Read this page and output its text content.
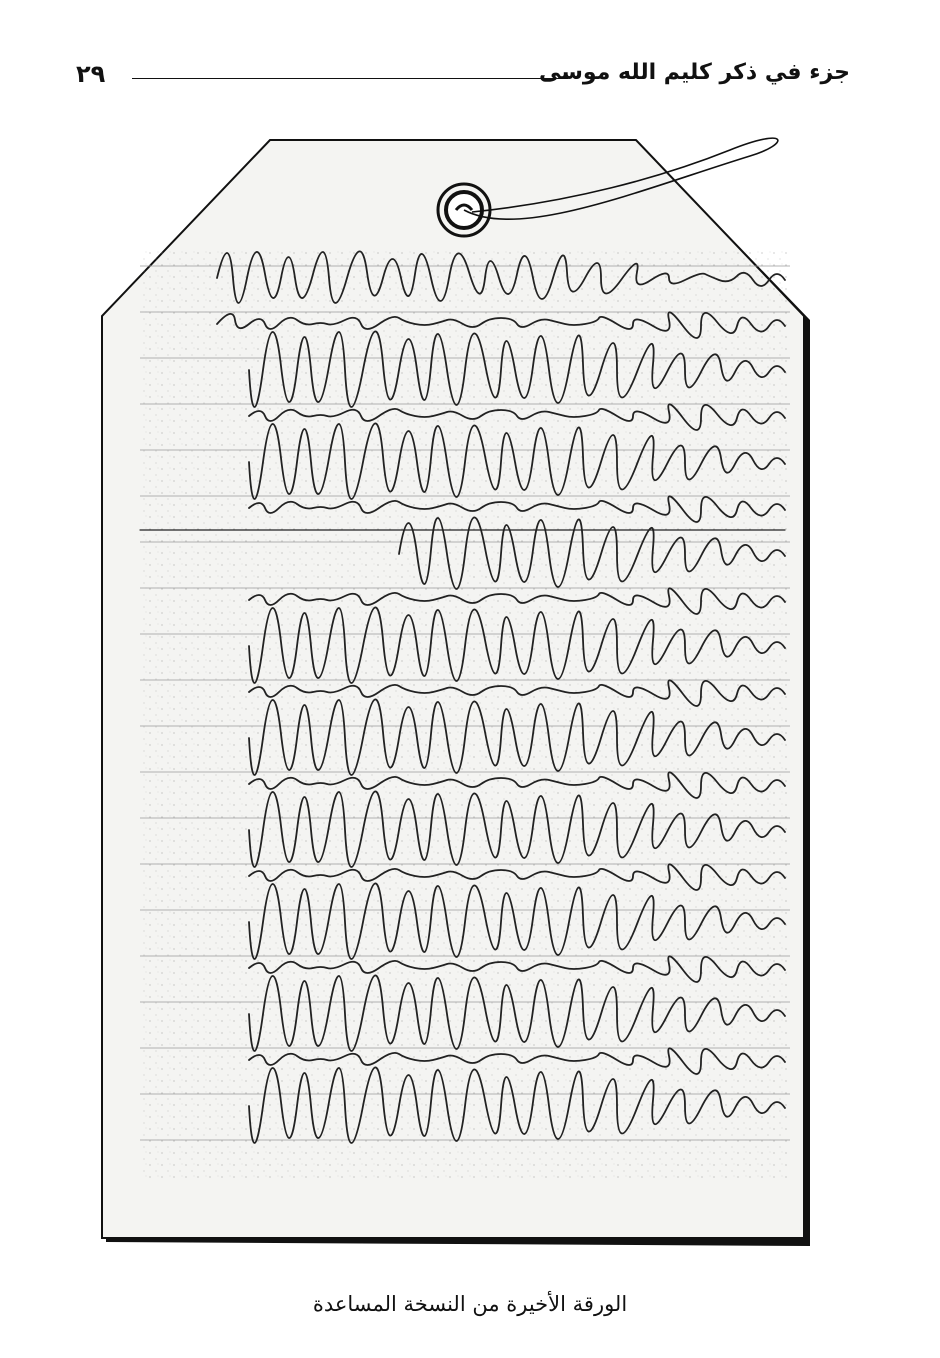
٢٩	جزء في ذكر كليم الله موسى
الورقة الأخيرة من النسخة المساعدة
